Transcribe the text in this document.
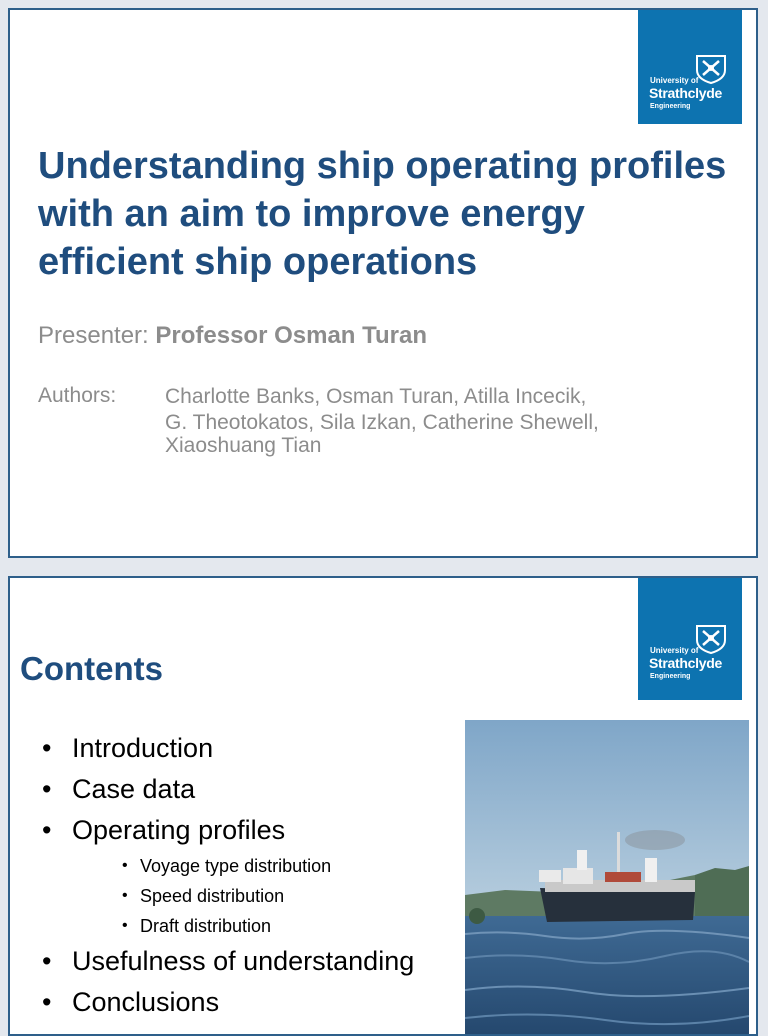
University of
Strathclyde
Engineering
Understanding ship operating profiles with an aim to improve energy efficient ship operations
Presenter: Professor Osman Turan
Authors: Charlotte Banks, Osman Turan, Atilla Incecik,
G. Theotokatos, Sila Izkan, Catherine Shewell,
Xiaoshuang Tian
University of
Strathclyde
Engineering
Contents
• Introduction
• Case data
• Operating profiles
• Voyage type distribution
• Speed distribution
• Draft distribution
• Usefulness of understanding
• Conclusions
